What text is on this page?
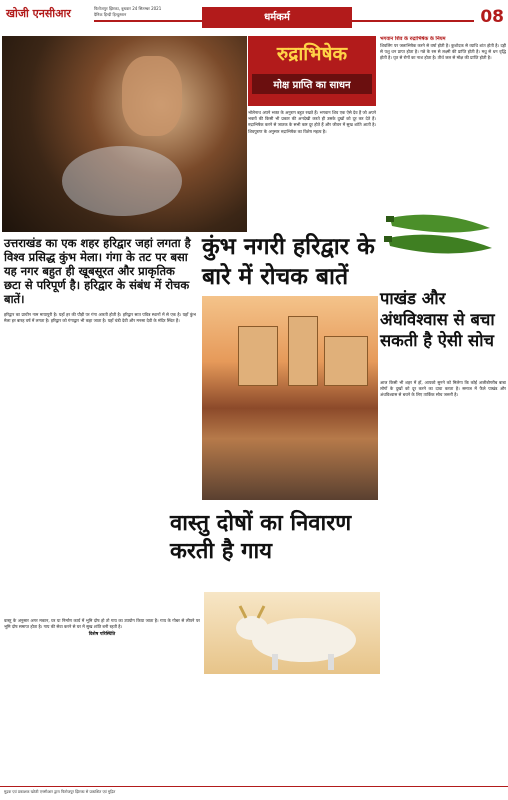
खोजी एनसीआर	फिरोजपुर झिरका, बुधवार 24 सितम्बर 2021
दैनिक हिन्दी हिन्दुस्तान	धर्मकर्म	08
रुद्राभिषेक
मोक्ष प्राप्ति का साधन
भोलेनाथ अपने भक्त के अनुराग बहुत रखते हैं। भगवान शिव एक ऐसे देव हैं जो अपने भक्तों की किसी भी प्रकार की अनदेखी करते ही उसके दुखों को दूर कर देते हैं। रुद्राभिषेक करने से जातक के सभी कष्ट दूर होते हैं और जीवन में सुख शांति आती है। शिवपुराण के अनुसार रुद्राभिषेक का विशेष महत्व है।
भगवान शिव के रुद्राभिषेक के नियम
शिवलिंग पर जलाभिषेक करने से वर्षा होती है। कुशोदक से व्याधि शांत होती है। दही से पशु धन प्राप्त होता है। गन्ने के रस से लक्ष्मी की प्राप्ति होती है। मधु से धन वृद्धि होती है। घृत से रोगों का नाश होता है। तीर्थ जल से मोक्ष की प्राप्ति होती है।
उत्तराखंड का एक शहर हरिद्वार जहां लगता है विश्व प्रसिद्ध कुंभ मेला। गंगा के तट पर बसा यह नगर बहुत ही खूबसूरत और प्राकृतिक छटा से परिपूर्ण है। हरिद्वार के संबंध में रोचक बातें।
कुंभ नगरी हरिद्वार के बारे में रोचक बातें
हरिद्वार का प्राचीन नाम मायापुरी है। यहाँ हर की पौड़ी पर गंगा आरती होती है। हरिद्वार सात पवित्र स्थानों में से एक है। यहाँ कुंभ मेला हर बारह वर्ष में लगता है। हरिद्वार को गंगाद्वार भी कहा जाता है। यहाँ चंडी देवी और मनसा देवी के मंदिर स्थित हैं।
पाखंड और अंधविश्वास से बचा सकती है ऐसी सोच
आज किसी भी शहर में हों, आपको सुनने को मिलेगा कि कोई अजीबोगरीब बाबा लोगों के दुखों को दूर करने का दावा करता है। समाज में फैले पाखंड और अंधविश्वास से बचने के लिए तार्किक सोच जरूरी है।
वास्तु दोषों का निवारण करती है गाय
वास्तु के अनुसार अगर मकान, घर या निर्माण कार्य में भूमि दोष हो तो गाय का उपयोग किया जाता है। गाय के गोबर से लीपने पर भूमि दोष समाप्त होता है। गाय की सेवा करने से घर में सुख शांति बनी रहती है।
विशेष परिस्थिति
मुद्रक एवं प्रकाशक खोजी एनसीआर द्वारा फिरोजपुर झिरका से प्रकाशित एवं मुद्रित
